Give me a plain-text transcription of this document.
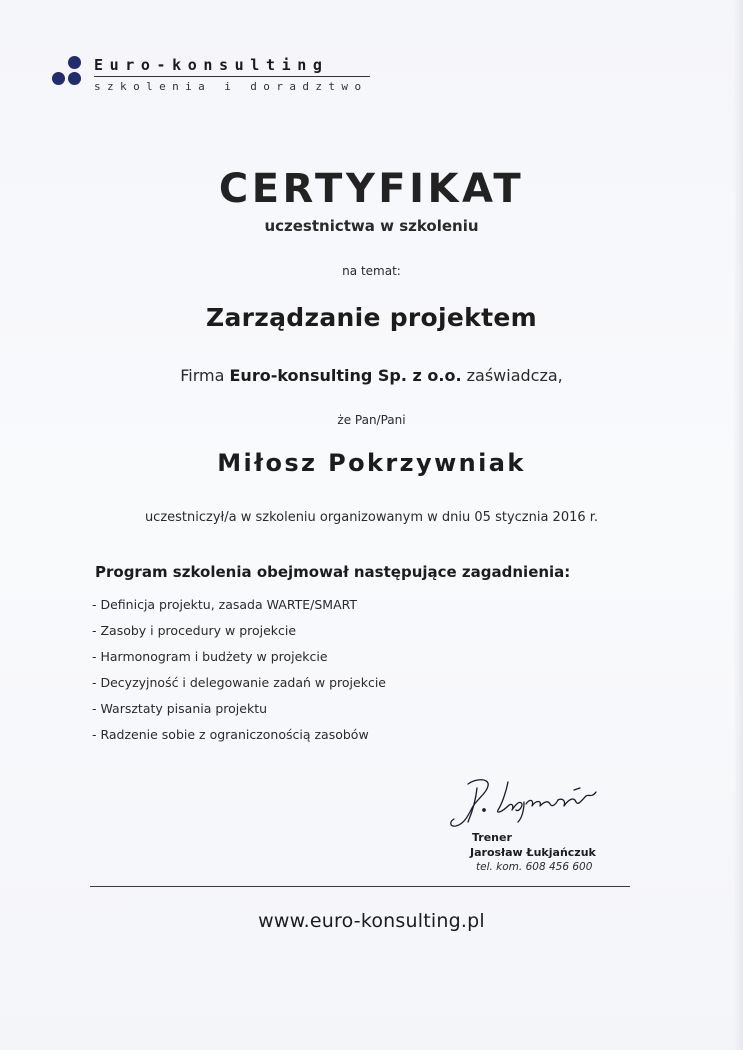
Euro-konsulting
szkolenia i doradztwo
CERTYFIKAT
uczestnictwa w szkoleniu
na temat:
Zarządzanie projektem
Firma Euro-konsulting Sp. z o.o. zaświadcza,
że Pan/Pani
Miłosz Pokrzywniak
uczestniczył/a w szkoleniu organizowanym w dniu 05 stycznia 2016 r.
Program szkolenia obejmował następujące zagadnienia:
- Definicja projektu, zasada WARTE/SMART
- Zasoby i procedury w projekcie
- Harmonogram i budżety w projekcie
- Decyzyjność i delegowanie zadań w projekcie
- Warsztaty pisania projektu
- Radzenie sobie z ograniczonością zasobów
Trener
Jarosław Łukjańczuk
tel. kom. 608 456 600
www.euro-konsulting.pl
